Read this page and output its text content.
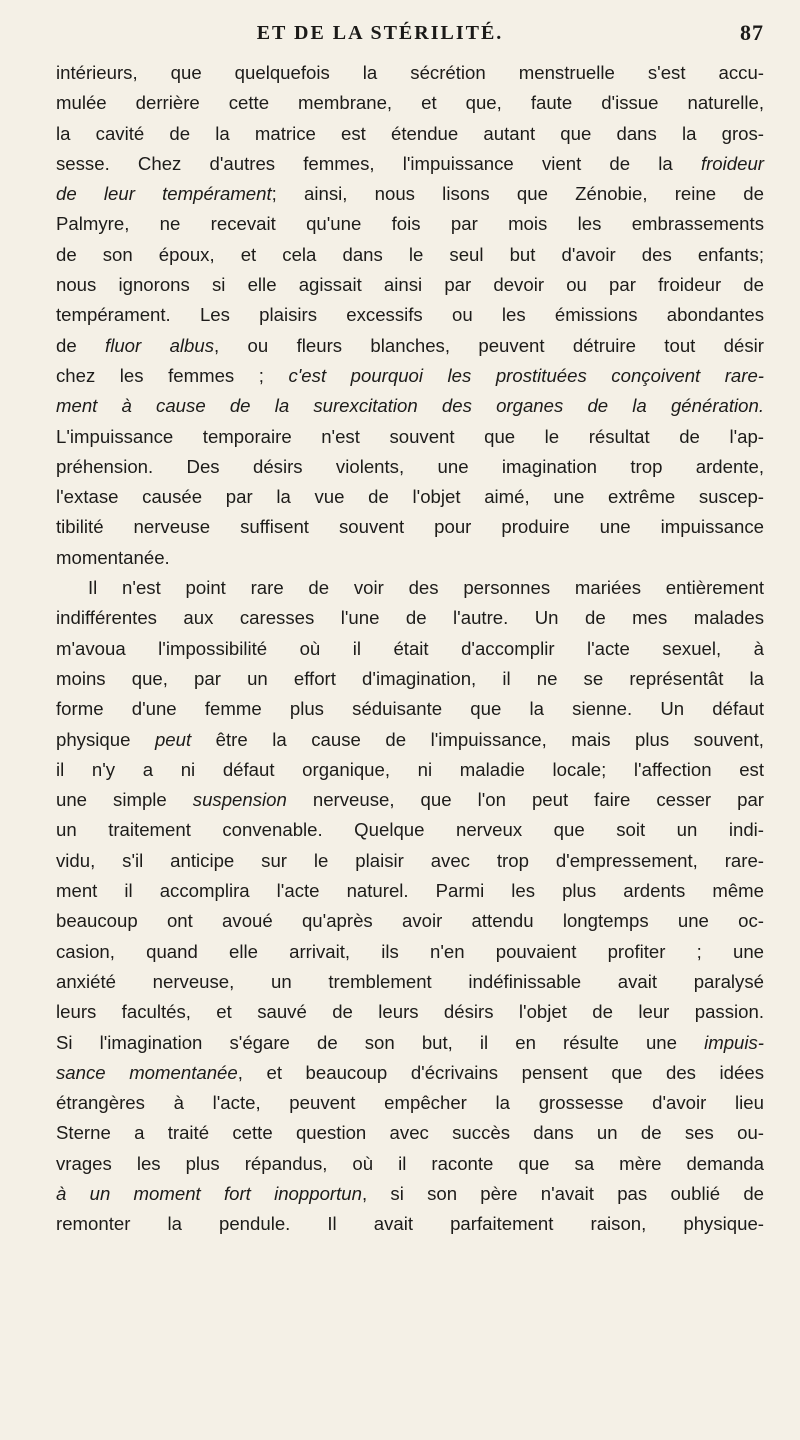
ET DE LA STÉRILITÉ.	87
intérieurs, que quelquefois la sécrétion menstruelle s'est accu-
mulée derrière cette membrane, et que, faute d'issue naturelle,
la cavité de la matrice est étendue autant que dans la gros-
sesse. Chez d'autres femmes, l'impuissance vient de la froideur
de leur tempérament; ainsi, nous lisons que Zénobie, reine de
Palmyre, ne recevait qu'une fois par mois les embrassements
de son époux, et cela dans le seul but d'avoir des enfants;
nous ignorons si elle agissait ainsi par devoir ou par froideur de
tempérament. Les plaisirs excessifs ou les émissions abondantes
de fluor albus, ou fleurs blanches, peuvent détruire tout désir
chez les femmes ; c'est pourquoi les prostituées conçoivent rare-
ment à cause de la surexcitation des organes de la génération.
L'impuissance temporaire n'est souvent que le résultat de l'ap-
préhension. Des désirs violents, une imagination trop ardente,
l'extase causée par la vue de l'objet aimé, une extrême suscep-
tibilité nerveuse suffisent souvent pour produire une impuissance
momentanée.
Il n'est point rare de voir des personnes mariées entièrement
indifférentes aux caresses l'une de l'autre. Un de mes malades
m'avoua l'impossibilité où il était d'accomplir l'acte sexuel, à
moins que, par un effort d'imagination, il ne se représentât la
forme d'une femme plus séduisante que la sienne. Un défaut
physique peut être la cause de l'impuissance, mais plus souvent,
il n'y a ni défaut organique, ni maladie locale; l'affection est
une simple suspension nerveuse, que l'on peut faire cesser par
un traitement convenable. Quelque nerveux que soit un indi-
vidu, s'il anticipe sur le plaisir avec trop d'empressement, rare-
ment il accomplira l'acte naturel. Parmi les plus ardents même
beaucoup ont avoué qu'après avoir attendu longtemps une oc-
casion, quand elle arrivait, ils n'en pouvaient profiter ; une
anxiété nerveuse, un tremblement indéfinissable avait paralysé
leurs facultés, et sauvé de leurs désirs l'objet de leur passion.
Si l'imagination s'égare de son but, il en résulte une impuis-
sance momentanée, et beaucoup d'écrivains pensent que des idées
étrangères à l'acte, peuvent empêcher la grossesse d'avoir lieu
Sterne a traité cette question avec succès dans un de ses ou-
vrages les plus répandus, où il raconte que sa mère demanda
à un moment fort inopportun, si son père n'avait pas oublié de
remonter la pendule. Il avait parfaitement raison, physique-
